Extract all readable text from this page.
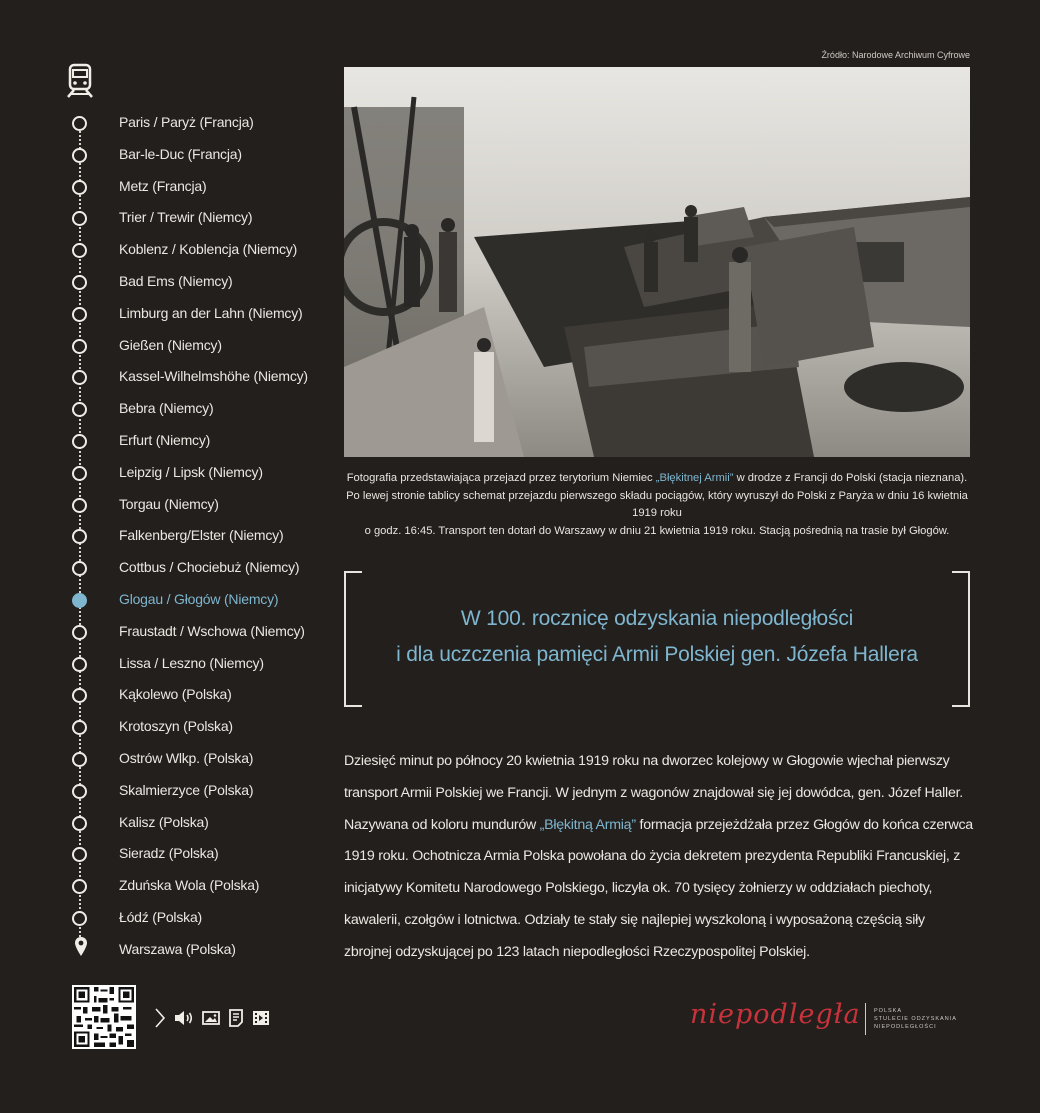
Paris / Paryż (Francja)
Bar-le-Duc (Francja)
Metz (Francja)
Trier / Trewir (Niemcy)
Koblenz / Koblencja (Niemcy)
Bad Ems (Niemcy)
Limburg an der Lahn (Niemcy)
Gießen (Niemcy)
Kassel-Wilhelmshöhe (Niemcy)
Bebra (Niemcy)
Erfurt (Niemcy)
Leipzig / Lipsk (Niemcy)
Torgau (Niemcy)
Falkenberg/Elster (Niemcy)
Cottbus / Chociebuż (Niemcy)
Glogau / Głogów (Niemcy)
Fraustadt / Wschowa (Niemcy)
Lissa / Leszno (Niemcy)
Kąkolewo (Polska)
Krotoszyn (Polska)
Ostrów Wlkp. (Polska)
Skalmierzyce (Polska)
Kalisz (Polska)
Sieradz (Polska)
Zduńska Wola (Polska)
Łódź (Polska)
Warszawa (Polska)
Źródło: Narodowe Archiwum Cyfrowe
Fotografia przedstawiająca przejazd przez terytorium Niemiec „Błękitnej Armii” w drodze z Francji do Polski (stacja nieznana).
Po lewej stronie tablicy schemat przejazdu pierwszego składu pociągów, który wyruszył do Polski z Paryża w dniu 16 kwietnia 1919 roku
o godz. 16:45. Transport ten dotarł do Warszawy w dniu 21 kwietnia 1919 roku. Stacją pośrednią na trasie był Głogów.
W 100. rocznicę odzyskania niepodległości
i dla uczczenia pamięci Armii Polskiej gen. Józefa Hallera
Dziesięć minut po północy 20 kwietnia 1919 roku na dworzec kolejowy w Głogowie wjechał pierwszy transport Armii Polskiej we Francji. W jednym z wagonów znajdował się jej dowódca, gen. Józef Haller. Nazywana od koloru mundurów „Błękitną Armią” formacja przejeżdżała przez Głogów do końca czerwca 1919 roku. Ochotnicza Armia Polska powołana do życia dekretem prezydenta Republiki Francuskiej, z inicjatywy Komitetu Narodowego Polskiego, liczyła ok. 70 tysięcy żołnierzy w oddziałach piechoty, kawalerii, czołgów i lotnictwa. Odziały te stały się najlepiej wyszkoloną i wyposażoną częścią siły zbrojnej odzyskującej po 123 latach niepodległości Rzeczypospolitej Polskiej.
niepodległa POLSKA
STULECIE ODZYSKANIA
NIEPODLEGŁOŚCI
